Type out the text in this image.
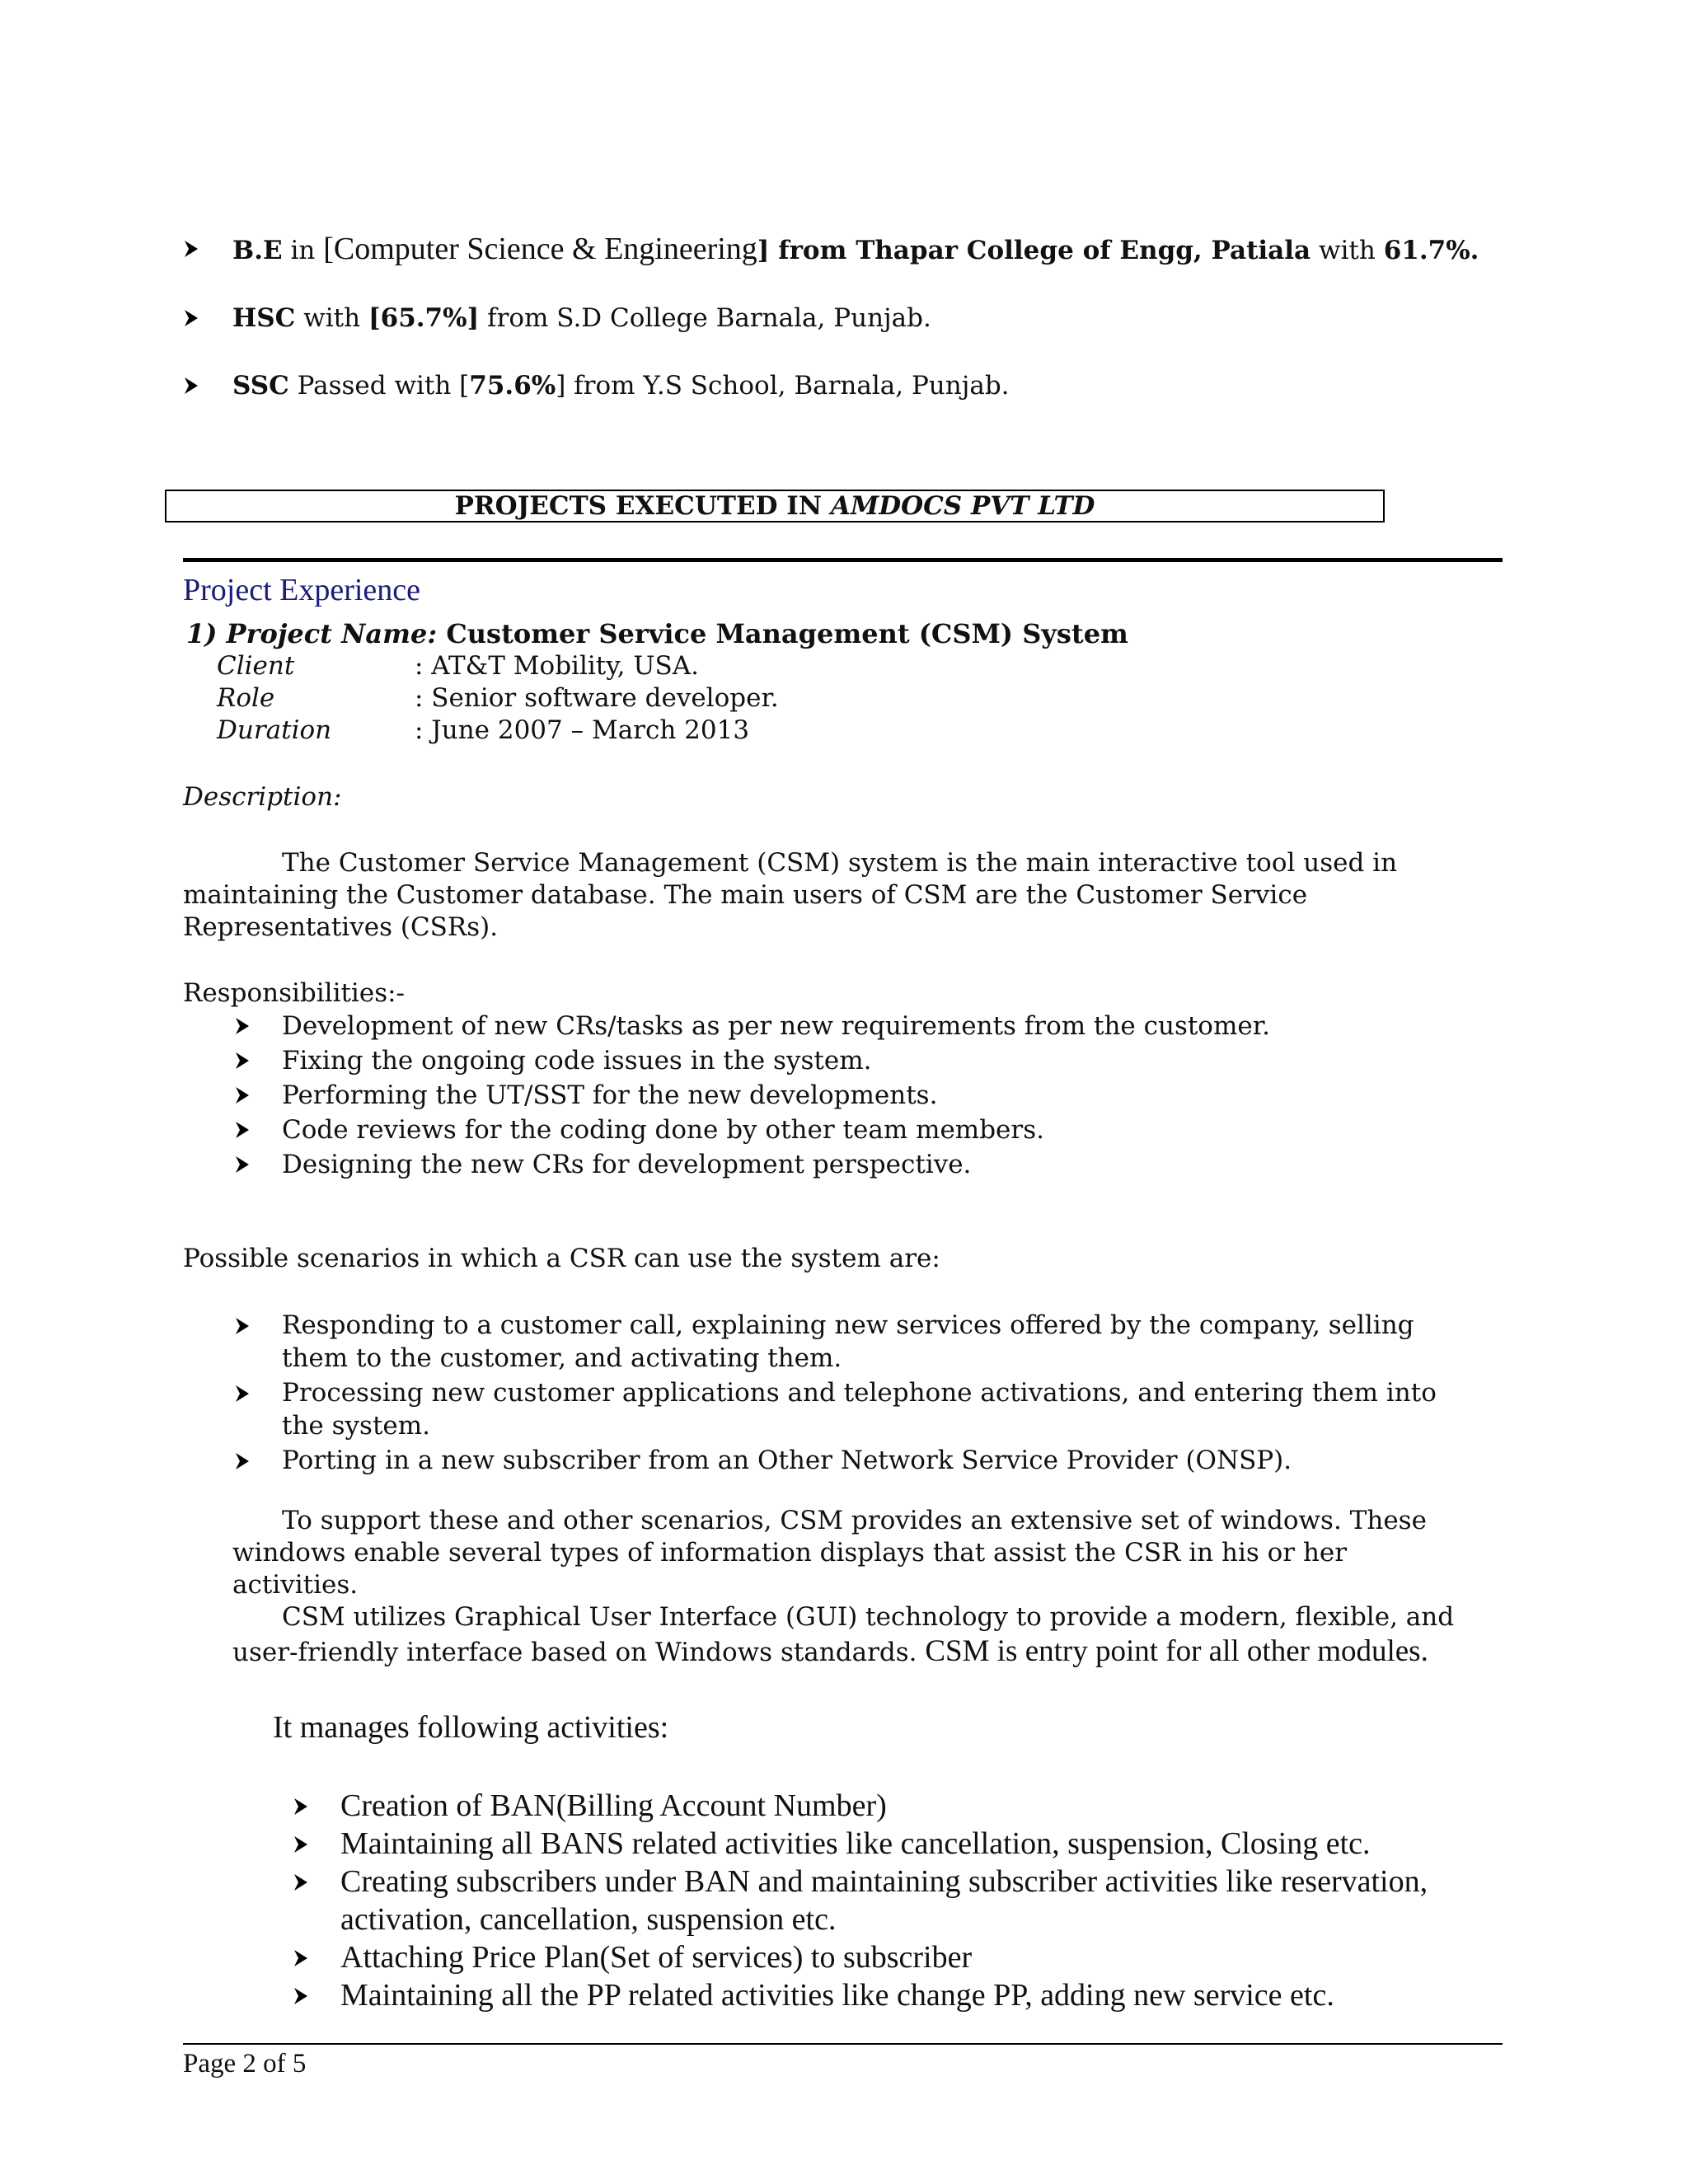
B.E in [Computer Science & Engineering] from Thapar College of Engg, Patiala with 61.7%.
HSC with [65.7%] from S.D College Barnala, Punjab.
SSC Passed with [75.6%] from Y.S School, Barnala, Punjab.
PROJECTS EXECUTED IN AMDOCS PVT LTD
Project Experience
1) Project Name: Customer Service Management (CSM) System
Client	: AT&T Mobility, USA.
Role	: Senior software developer.
Duration	: June 2007 – March 2013
Description:
The Customer Service Management (CSM) system is the main interactive tool used in
maintaining the Customer database. The main users of CSM are the Customer Service
Representatives (CSRs).
Responsibilities:-
Development of new CRs/tasks as per new requirements from the customer.
Fixing the ongoing code issues in the system.
Performing the UT/SST for the new developments.
Code reviews for the coding done by other team members.
Designing the new CRs for development perspective.
Possible scenarios in which a CSR can use the system are:
Responding to a customer call, explaining new services offered by the company, selling
them to the customer, and activating them.
Processing new customer applications and telephone activations, and entering them into
the system.
Porting in a new subscriber from an Other Network Service Provider (ONSP).
To support these and other scenarios, CSM provides an extensive set of windows. These
windows enable several types of information displays that assist the CSR in his or her
activities.
CSM utilizes Graphical User Interface (GUI) technology to provide a modern, flexible, and
user-friendly interface based on Windows standards. CSM is entry point for all other modules.
It manages following activities:
Creation of BAN(Billing Account Number)
Maintaining all BANS related activities like cancellation, suspension, Closing etc.
Creating subscribers under BAN and maintaining subscriber activities like reservation,
activation, cancellation, suspension etc.
Attaching Price Plan(Set of services) to subscriber
Maintaining all the PP related activities like change PP, adding new service etc.
Page 2 of 5
